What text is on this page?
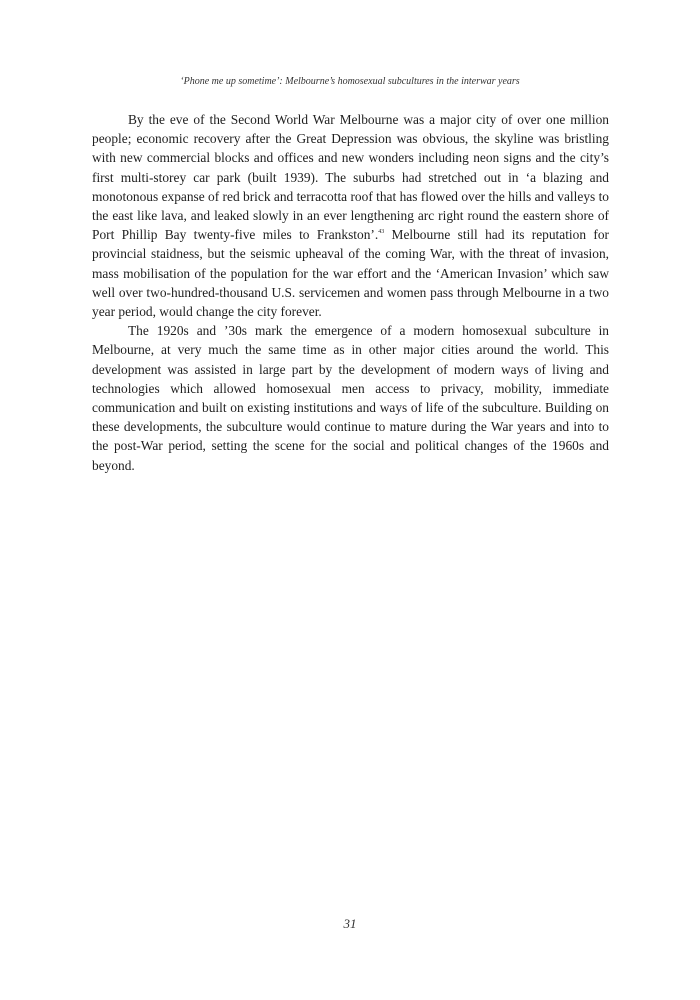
‘Phone me up sometime’: Melbourne’s homosexual subcultures in the interwar years

By the eve of the Second World War Melbourne was a major city of over one million people; economic recovery after the Great Depression was obvious, the skyline was bristling with new commercial blocks and offices and new wonders including neon signs and the city’s first multi-storey car park (built 1939). The suburbs had stretched out in ‘a blazing and monotonous expanse of red brick and terracotta roof that has flowed over the hills and valleys to the east like lava, and leaked slowly in an ever lengthening arc right round the eastern shore of Port Phillip Bay twenty-five miles to Frankston’.$^{43}$ Melbourne still had its reputation for provincial staidness, but the seismic upheaval of the coming War, with the threat of invasion, mass mobilisation of the population for the war effort and the ‘American Invasion’ which saw well over two-hundred-thousand U.S. servicemen and women pass through Melbourne in a two year period, would change the city forever.

The 1920s and ’30s mark the emergence of a modern homosexual subculture in Melbourne, at very much the same time as in other major cities around the world. This development was assisted in large part by the development of modern ways of living and technologies which allowed homosexual men access to privacy, mobility, immediate communication and built on existing institutions and ways of life of the subculture. Building on these developments, the subculture would continue to mature during the War years and into to the post-War period, setting the scene for the social and political changes of the 1960s and beyond.

31
